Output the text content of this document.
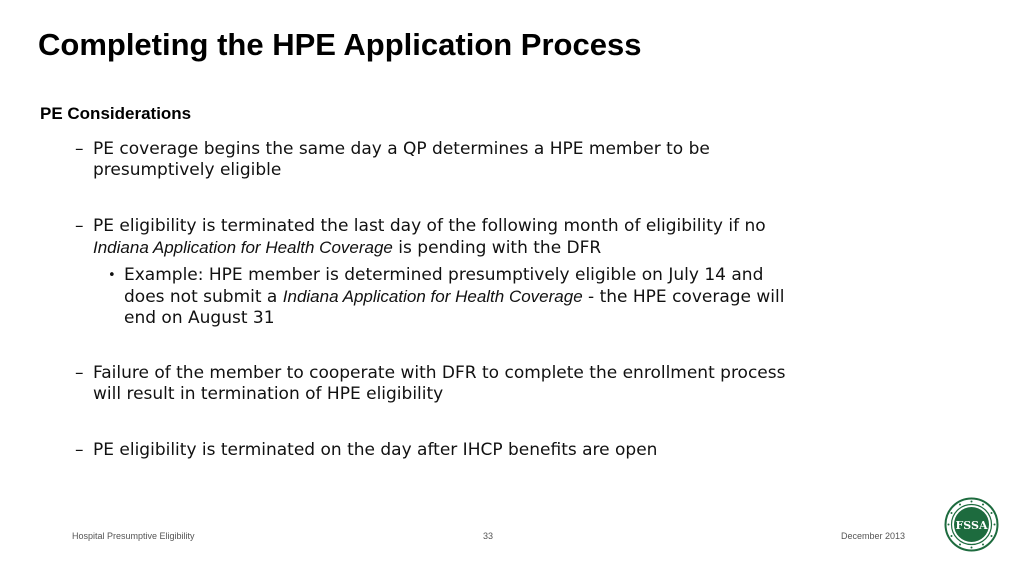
Completing the HPE Application Process
PE Considerations
– PE coverage begins the same day a QP determines a HPE member to be
presumptively eligible
– PE eligibility is terminated the last day of the following month of eligibility if no
Indiana Application for Health Coverage is pending with the DFR
• Example: HPE member is determined presumptively eligible on July 14 and
does not submit a Indiana Application for Health Coverage - the HPE coverage will
end on August 31
– Failure of the member to cooperate with DFR to complete the enrollment process
will result in termination of HPE eligibility
– PE eligibility is terminated on the day after IHCP benefits are open
Hospital Presumptive Eligibility	33	December 2013
FSSA
